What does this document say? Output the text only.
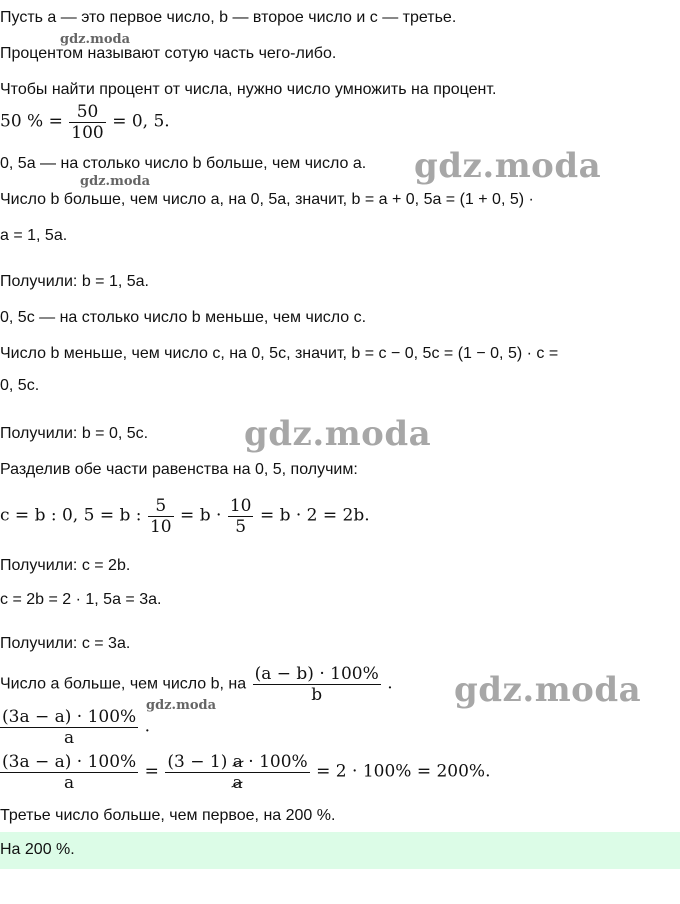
Пусть a — это первое число, b — второе число и c — третье.
Процентом называют сотую часть чего-либо.
Чтобы найти процент от числа, нужно число умножить на процент.
50 % = $\frac{50}{100} = 0$, 5.
0, 5a — на столько число b больше, чем число a.
Число b больше, чем число a, на 0, 5a, значит, b = a + 0, 5a = (1 + 0, 5) ·
a = 1, 5a.
Получили: b = 1, 5a.
0, 5c — на столько число b меньше, чем число c.
Число b меньше, чем число c, на 0, 5c, значит, b = c − 0, 5c = (1 − 0, 5) · c =
0, 5c.
Получили: b = 0, 5c.
Разделив обе части равенства на 0, 5, получим:
c = b : 0, 5 = b : $\frac{5}{10} = b \cdot \frac{10}{5} = b \cdot 2 = 2b$.
Получили: c = 2b.
c = 2b = 2 · 1, 5a = 3a.
Получили: c = 3a.
Число a больше, чем число b, на $\frac{(a - b) \cdot 100\%}{b}$ .
$\frac{(3a - a) \cdot 100\%}{a}$ .
$\frac{(3a - a) \cdot 100\%}{a} = \frac{(3 - 1) a \cdot 100\%}{a} = 2 \cdot 100\% = 200\%$.
Третье число больше, чем первое, на 200 %.
На 200 %.
gdz.moda
gdz.moda
gdz.moda
gdz.moda
gdz.moda
gdz.moda
